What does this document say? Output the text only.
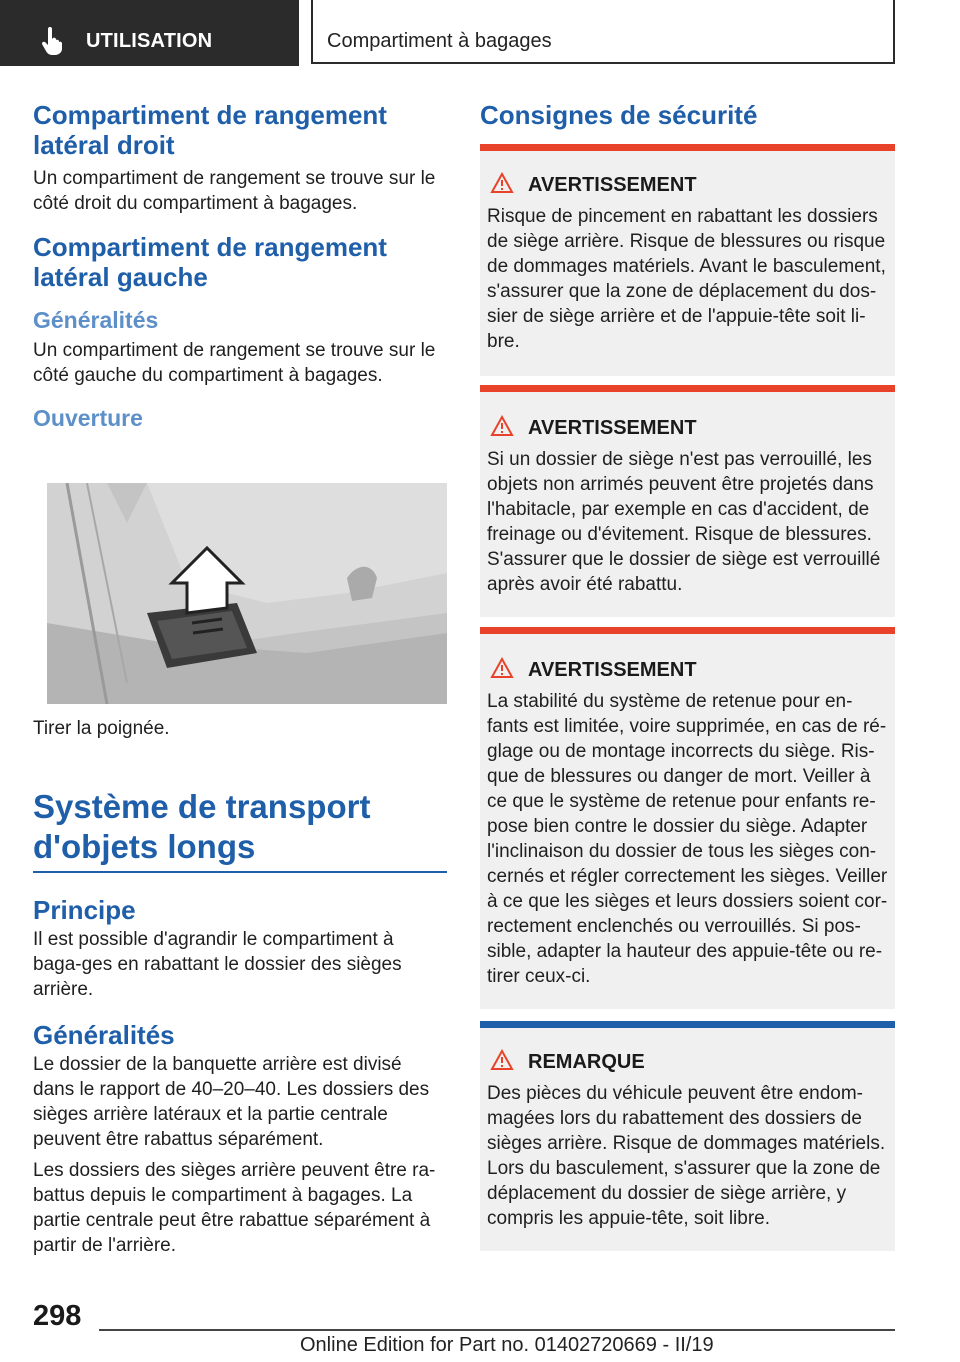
UTILISATION	Compartiment à bagages
Compartiment de rangement
latéral droit

Un compartiment de rangement se trouve sur le côté droit du compartiment à bagages.

Compartiment de rangement
latéral gauche
Généralités

Un compartiment de rangement se trouve sur le côté gauche du compartiment à bagages.

Ouverture

Tirer la poignée.

Système de transport
d'objets longs
Principe

Il est possible d'agrandir le compartiment à baga-ges en rabattant le dossier des sièges arrière.

Généralités

Le dossier de la banquette arrière est divisé dans le rapport de 40–20–40. Les dossiers des sièges arrière latéraux et la partie centrale peuvent être rabattus séparément.

Les dossiers des sièges arrière peuvent être ra-battus depuis le compartiment à bagages. La partie centrale peut être rabattue séparément à partir de l'arrière.

Consignes de sécurité
AVERTISSEMENT

Risque de pincement en rabattant les dossiers de siège arrière. Risque de blessures ou risque de dommages matériels. Avant le basculement, s'assurer que la zone de déplacement du dos-sier de siège arrière et de l'appuie-tête soit li-bre.

AVERTISSEMENT

Si un dossier de siège n'est pas verrouillé, les objets non arrimés peuvent être projetés dans l'habitacle, par exemple en cas d'accident, de freinage ou d'évitement. Risque de blessures. S'assurer que le dossier de siège est verrouillé après avoir été rabattu.

AVERTISSEMENT

La stabilité du système de retenue pour en-fants est limitée, voire supprimée, en cas de ré-glage ou de montage incorrects du siège. Ris-que de blessures ou danger de mort. Veiller à ce que le système de retenue pour enfants re-pose bien contre le dossier du siège. Adapter l'inclinaison du dossier de tous les sièges con-cernés et régler correctement les sièges. Veiller à ce que les sièges et leurs dossiers soient cor-rectement enclenchés ou verrouillés. Si pos-sible, adapter la hauteur des appuie-tête ou re-tirer ceux-ci.

REMARQUE

Des pièces du véhicule peuvent être endom-magées lors du rabattement des dossiers de sièges arrière. Risque de dommages matériels. Lors du basculement, s'assurer que la zone de déplacement du dossier de siège arrière, y compris les appuie-tête, soit libre.

298
Online Edition for Part no. 01402720669 - II/19
